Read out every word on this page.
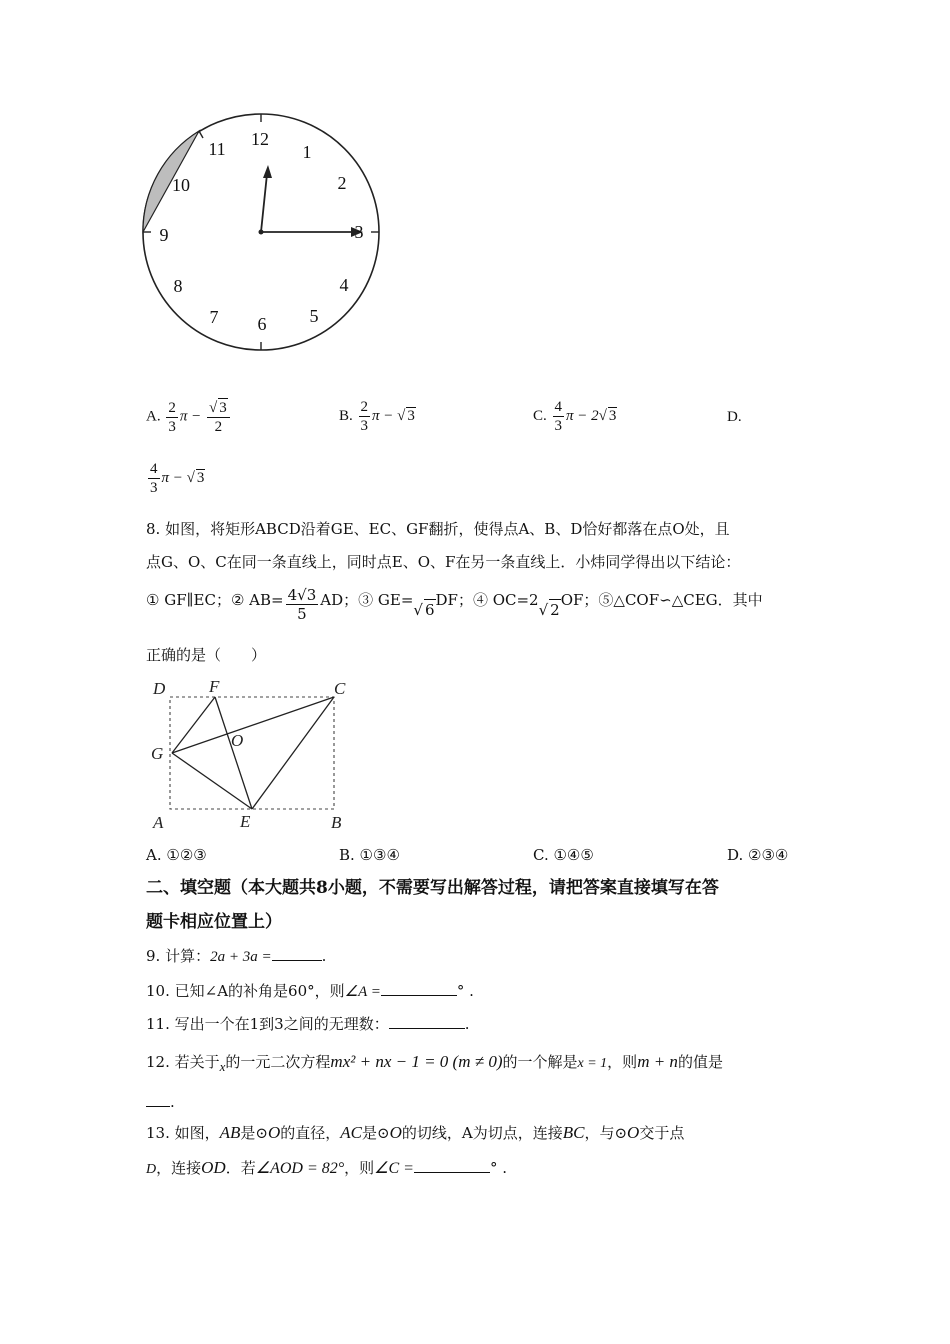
12
1
2
3
4
5
6
7
8
9
10
11
A. $\frac{2}{3}$ $\pi - \frac{√ 3}{2}$	B. $\frac{2}{3}$ π − √ 3	C. $\frac{4}{3}$ π − 2√ 3	D.
$\frac{4}{3}$ π − √ 3
8. 如图，将矩形ABCD沿着GE、EC、GF翻折，使得点A、B、D恰好都落在点O处，且
点G、O、C在同一条直线上，同时点E、O、F在另一条直线上．小炜同学得出以下结论：
① GF∥EC；② $AB= \frac{4√3}{5}$ AD；③ GE=√ 6DF；④ OC=2√ 2OF；⑤△COF∽△CEG．其中
正确的是（　　）
D	F	C
G
O
A	E	B
A. ①②③	B. ①③④	C. ①④⑤	D. ②③④
二、填空题（本大题共8小题，不需要写出解答过程，请把答案直接填写在答
题卡相应位置上）
9. 计算：2a + 3a =	.
10. 已知∠A的补角是60°，则∠A =	° .
11. 写出一个在1到3之间的无理数：	.
12. 若关于x的一元二次方程mx² + nx − 1 = 0 (m ≠ 0)的一个解是x = 1，则m + n的值是
.
13. 如图，AB是⊙O的直径，AC是⊙O的切线，A为切点，连接BC，与⊙O交于点
D，连接OD．若∠AOD = 82°，则∠C =	° .
